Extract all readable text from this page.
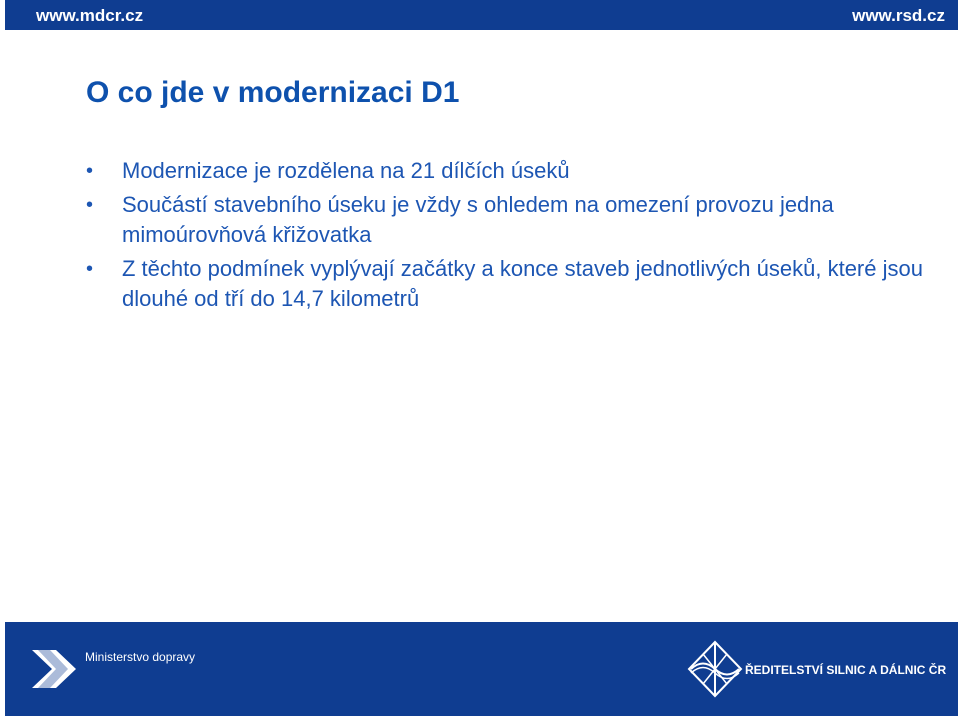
www.mdcr.cz	www.rsd.cz
O co jde v modernizaci D1
•	Modernizace je rozdělena na 21 dílčích úseků
•	Součástí stavebního úseku je vždy s ohledem na omezení provozu jedna mimoúrovňová křižovatka
•	Z těchto podmínek vyplývají začátky a konce staveb jednotlivých úseků, které jsou dlouhé od tří do 14,7 kilometrů
Ministerstvo dopravy
ŘEDITELSTVÍ SILNIC A DÁLNIC ČR
